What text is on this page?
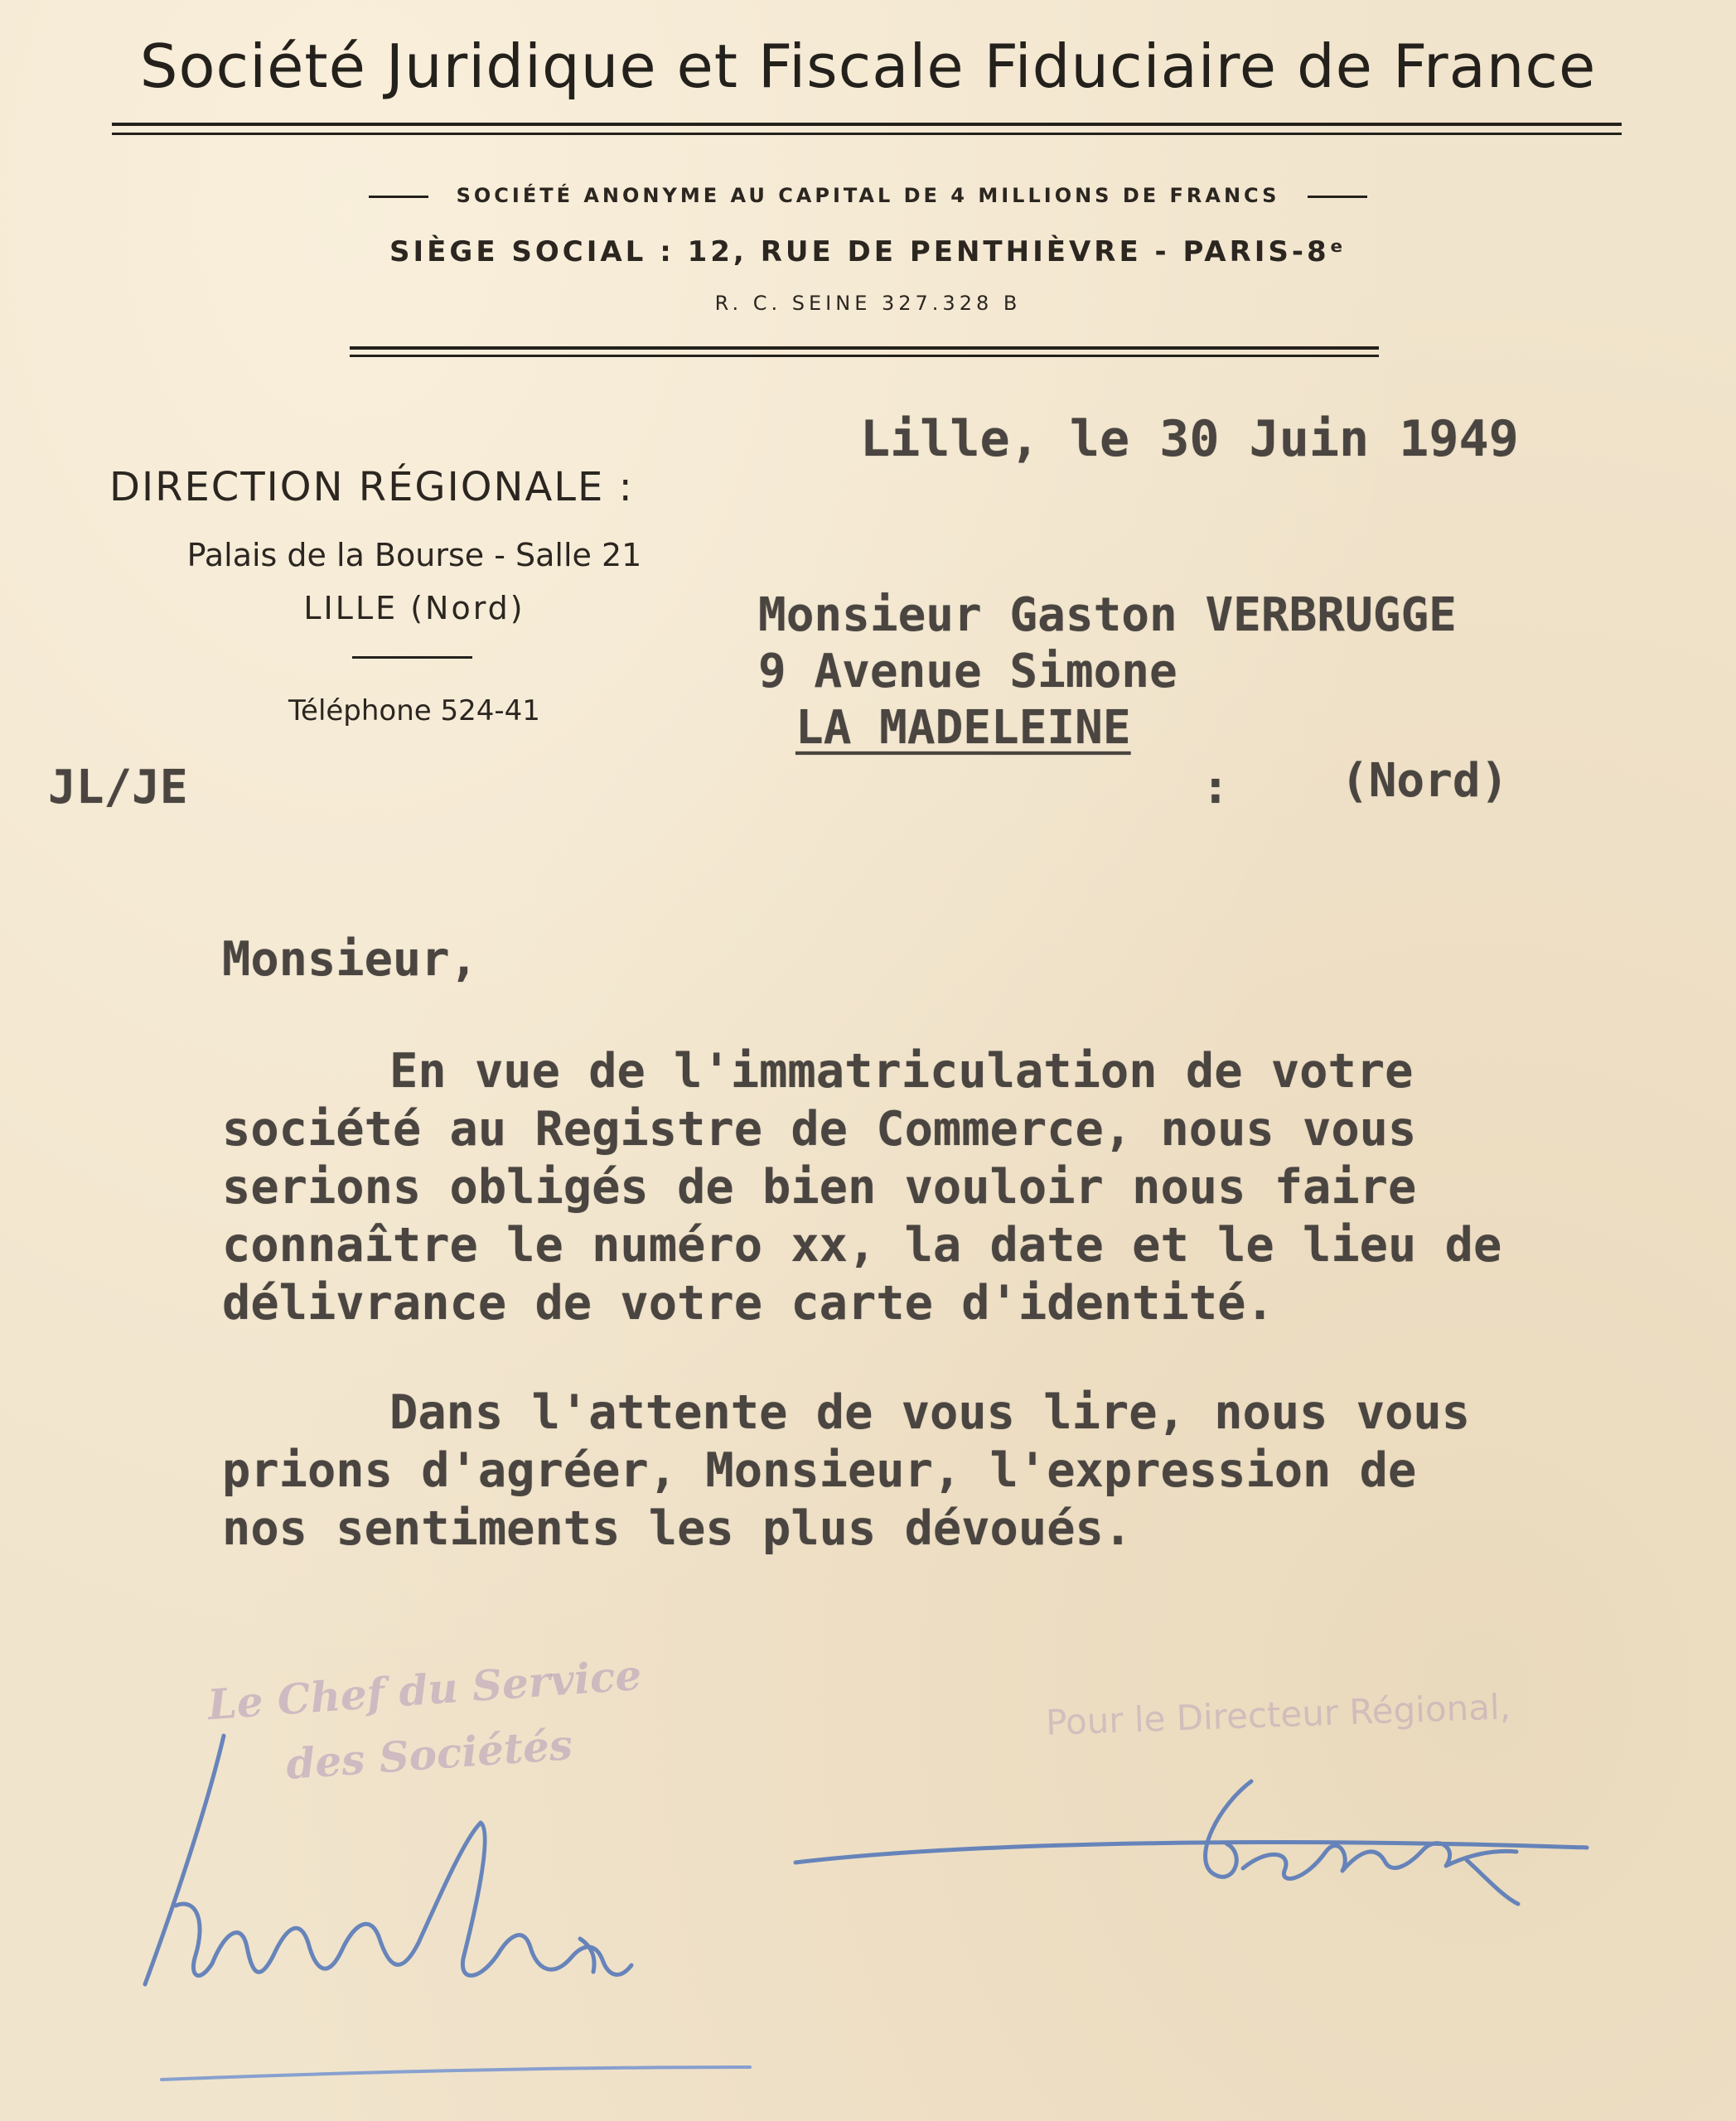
Société Juridique et Fiscale Fiduciaire de France
SOCIÉTÉ ANONYME AU CAPITAL DE 4 MILLIONS DE FRANCS
SIÈGE SOCIAL : 12, RUE DE PENTHIÈVRE - PARIS-8ᵉ
R. C. SEINE 327.328 B
DIRECTION RÉGIONALE :
Palais de la Bourse - Salle 21
LILLE (Nord)
Téléphone 524-41
Lille, le 30 Juin 1949
Monsieur Gaston VERBRUGGE
9 Avenue Simone
LA MADELEINE
: (Nord)
JL/JE
Monsieur,
En vue de l'immatriculation de votre
société au Registre de Commerce, nous vous
serions obligés de bien vouloir nous faire
connaître le numéro xx, la date et le lieu de
délivrance de votre carte d'identité.
Dans l'attente de vous lire, nous vous
prions d'agréer, Monsieur, l'expression de
nos sentiments les plus dévoués.
Le Chef du Service
des Sociétés
Pour le Directeur Régional,
